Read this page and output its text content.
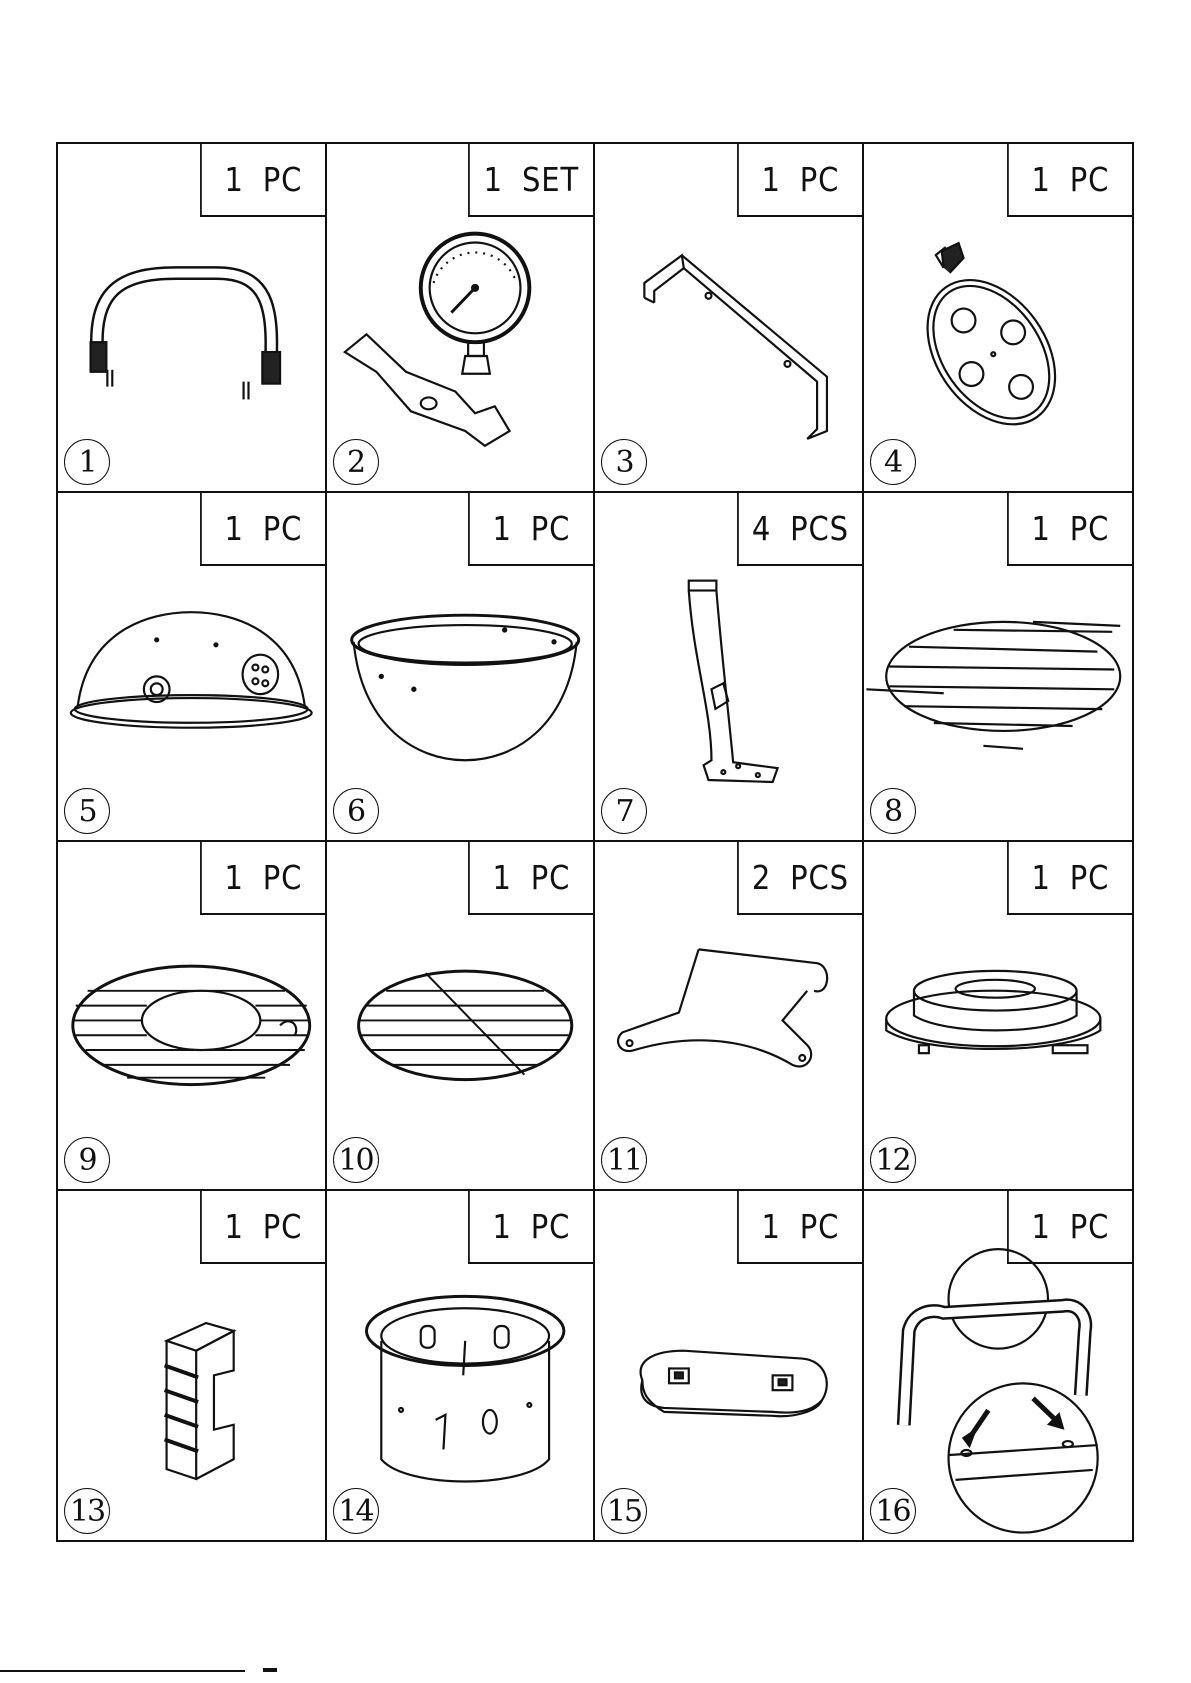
1 PC
1
1 SET
2
1 PC
3
1 PC
4
1 PC
5
1 PC
6
4 PCS
7
1 PC
8
1 PC
9
1 PC
10
2 PCS
11
1 PC
12
1 PC
13
1 PC
14
1 PC
15
1 PC
16
